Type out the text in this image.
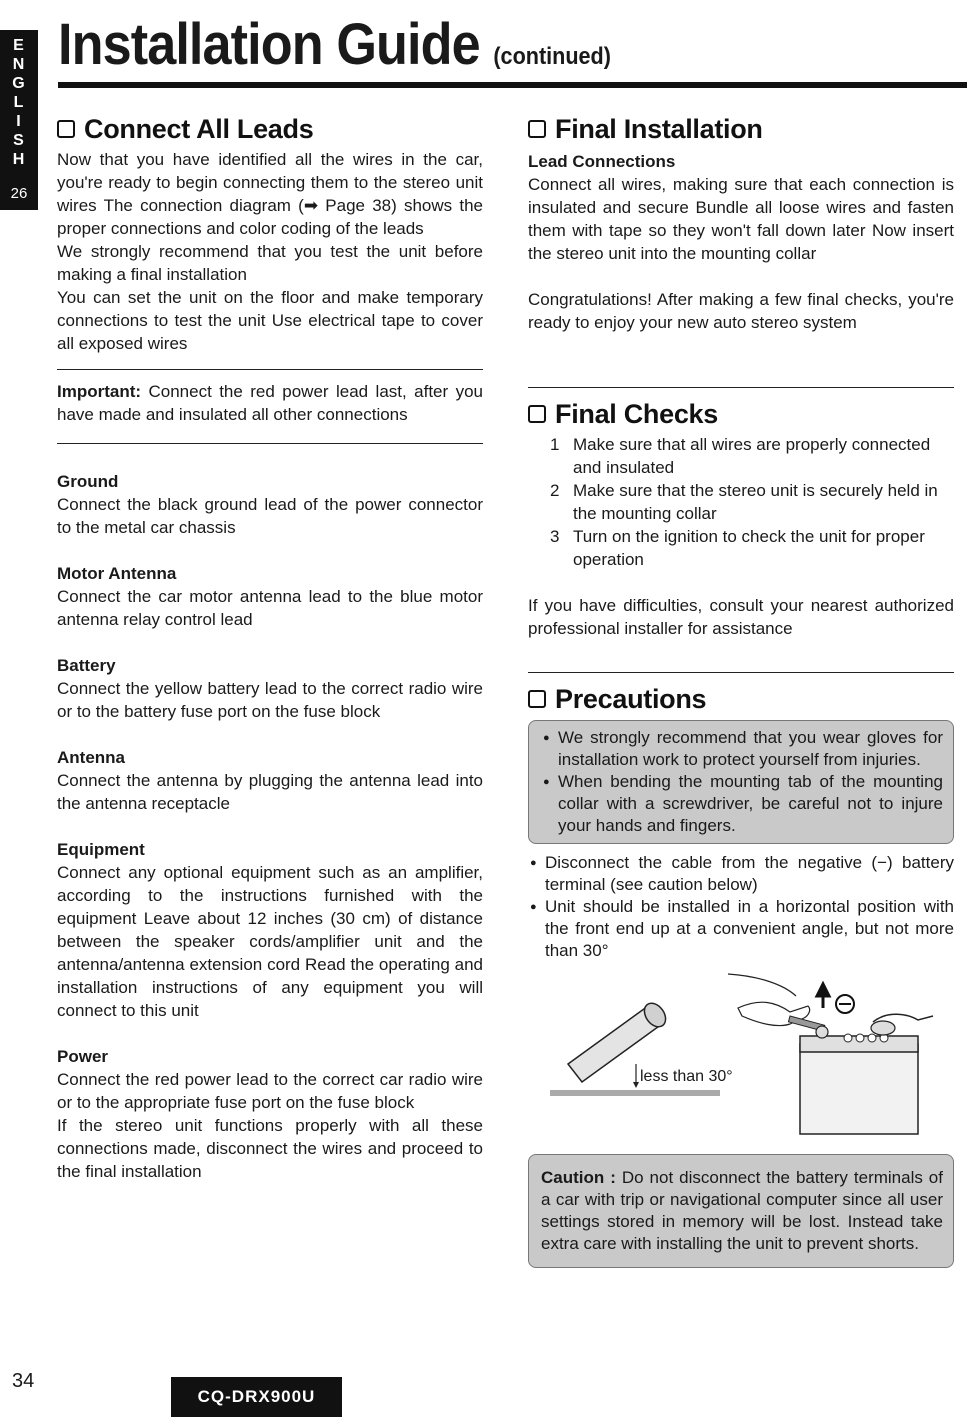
E
N
G
L
I
S
H
26
Installation Guide (continued)
Connect All Leads

Now that you have identified all the wires in the car, you're ready to begin connecting them to the stereo unit wires The connection diagram (➡ Page 38) shows the proper connections and color coding of the leads

We strongly recommend that you test the unit before making a final installation

You can set the unit on the floor and make temporary connections to test the unit Use electrical tape to cover all exposed wires

Important: Connect the red power lead last, after you have made and insulated all other connections

Ground

Connect the black ground lead of the power connector to the metal car chassis

Motor Antenna

Connect the car motor antenna lead to the blue motor antenna relay control lead

Battery

Connect the yellow battery lead to the correct radio wire or to the battery fuse port on the fuse block

Antenna

Connect the antenna by plugging the antenna lead into the antenna receptacle

Equipment

Connect any optional equipment such as an amplifier, according to the instructions furnished with the equipment Leave about 12 inches (30 cm) of distance between the speaker cords/amplifier unit and the antenna/antenna extension cord Read the operating and installation instructions of any equipment you will connect to this unit

Power

Connect the red power lead to the correct car radio wire or to the appropriate fuse port on the fuse block

If the stereo unit functions properly with all these connections made, disconnect the wires and proceed to the final installation

Final Installation
Lead Connections

Connect all wires, making sure that each connection is insulated and secure Bundle all loose wires and fasten them with tape so they won't fall down later Now insert the stereo unit into the mounting collar

Congratulations! After making a few final checks, you're ready to enjoy your new auto stereo system

Final Checks
1 Make sure that all wires are properly connected and insulated
2 Make sure that the stereo unit is securely held in the mounting collar
3 Turn on the ignition to check the unit for proper operation

If you have difficulties, consult your nearest authorized professional installer for assistance

Precautions
● We strongly recommend that you wear gloves for installation work to protect yourself from injuries.
● When bending the mounting tab of the mounting collar with a screwdriver, be careful not to injure your hands and fingers.
● Disconnect the cable from the negative (−) battery terminal (see caution below)
● Unit should be installed in a horizontal position with the front end up at a convenient angle, but not more than 30°
less than 30°

Caution : Do not disconnect the battery terminals of a car with trip or navigational computer since all user settings stored in memory will be lost. Instead take extra care with installing the unit to prevent shorts.

34
CQ-DRX900U
